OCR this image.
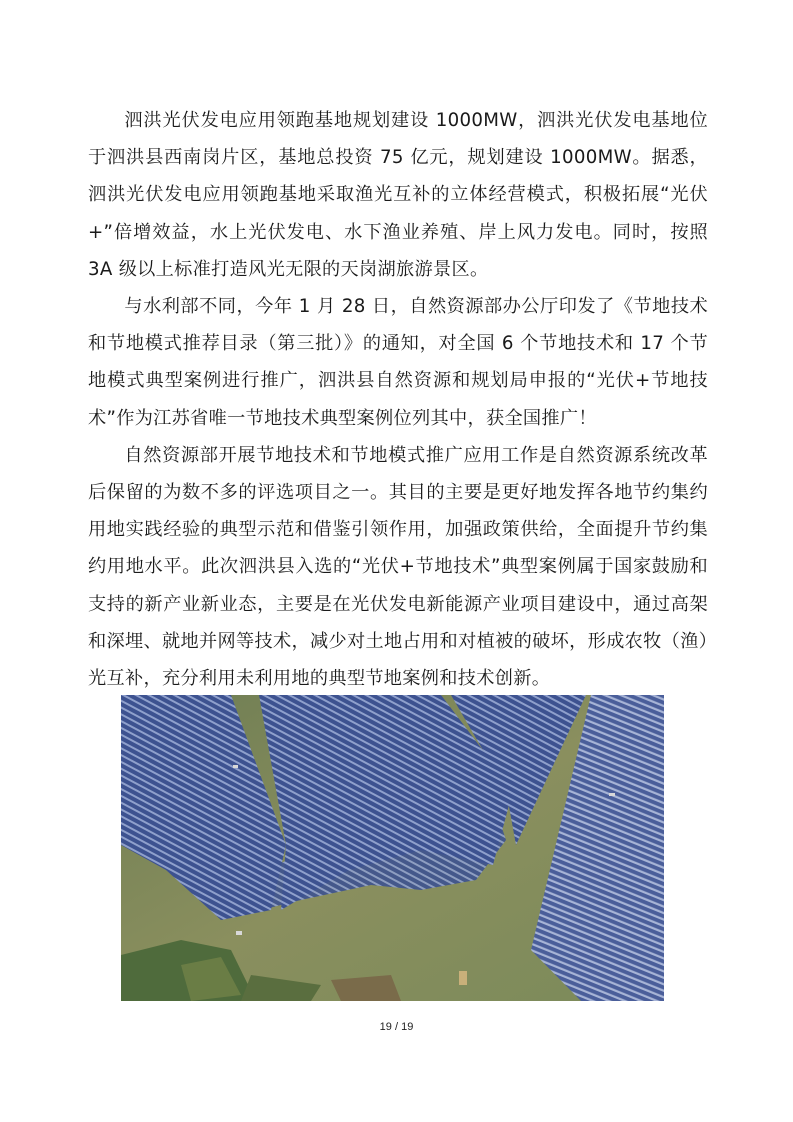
泗洪光伏发电应用领跑基地规划建设 1000MW，泗洪光伏发电基地位于泗洪县西南岗片区，基地总投资 75 亿元，规划建设 1000MW。据悉，泗洪光伏发电应用领跑基地采取渔光互补的立体经营模式，积极拓展“光伏+”倍增效益，水上光伏发电、水下渔业养殖、岸上风力发电。同时，按照 3A 级以上标准打造风光无限的天岗湖旅游景区。

与水利部不同，今年 1 月 28 日，自然资源部办公厅印发了《节地技术和节地模式推荐目录（第三批）》的通知，对全国 6 个节地技术和 17 个节地模式典型案例进行推广，泗洪县自然资源和规划局申报的“光伏+节地技术”作为江苏省唯一节地技术典型案例位列其中，获全国推广！

自然资源部开展节地技术和节地模式推广应用工作是自然资源系统改革后保留的为数不多的评选项目之一。其目的主要是更好地发挥各地节约集约用地实践经验的典型示范和借鉴引领作用，加强政策供给，全面提升节约集约用地水平。此次泗洪县入选的“光伏+节地技术”典型案例属于国家鼓励和支持的新产业新业态，主要是在光伏发电新能源产业项目建设中，通过高架和深埋、就地并网等技术，减少对土地占用和对植被的破坏，形成农牧（渔）光互补，充分利用未利用地的典型节地案例和技术创新。

19 / 19
